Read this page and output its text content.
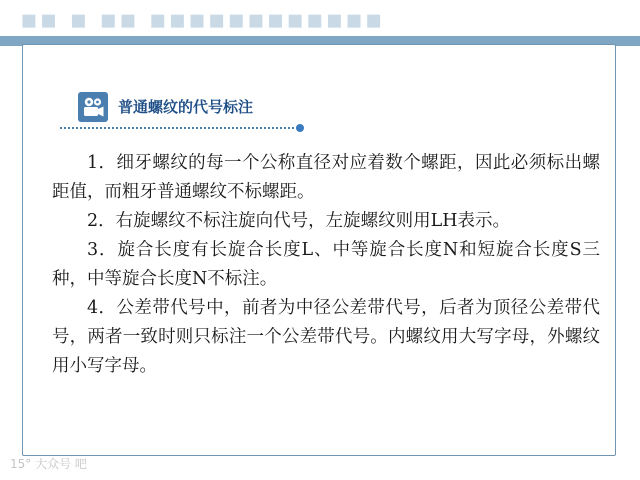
▪▪ ▪ ▪▪ ▪▪▪▪▪▪▪▪▪▪▪▪
普通螺纹的代号标注

1．细牙螺纹的每一个公称直径对应着数个螺距，因此必须标出螺距值，而粗牙普通螺纹不标螺距。

2．右旋螺纹不标注旋向代号，左旋螺纹则用LH表示。

3．旋合长度有长旋合长度L、中等旋合长度N和短旋合长度S三种，中等旋合长度N不标注。

4．公差带代号中，前者为中径公差带代号，后者为顶径公差带代号，两者一致时则只标注一个公差带代号。内螺纹用大写字母，外螺纹用小写字母。

15° 大众号 吧
